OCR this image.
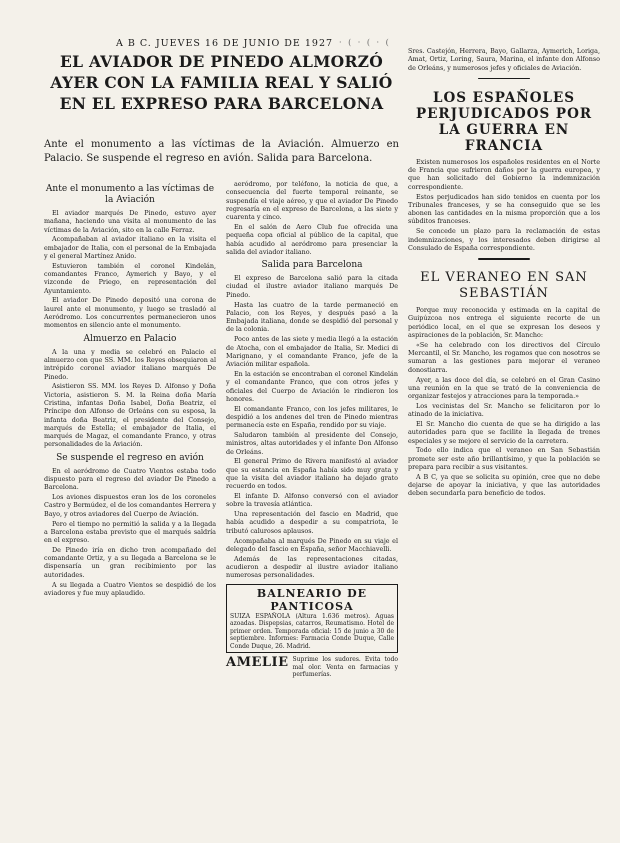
A B C. JUEVES 16 DE JUNIO DE 1927 · ( · ( · (
EL AVIADOR DE PINEDO ALMORZÓ AYER CON LA FAMILIA REAL Y SALIÓ EN EL EXPRESO PARA BARCELONA
Ante el monumento a las víctimas de la Aviación. Almuerzo en Palacio. Se suspende el regreso en avión. Salida para Barcelona.
Ante el monumento a las víctimas de la Aviación

El aviador marqués De Pinedo, estuvo ayer mañana, haciendo una visita al monumento de las víctimas de la Aviación, sito en la calle Ferraz.

Acompañaban al aviador italiano en la visita el embajador de Italia, con el personal de la Embajada y el general Martínez Anido.

Estuvieron también el coronel Kindelán, comandantes Franco, Aymerich y Bayo, y el vizconde de Priego, en representación del Ayuntamiento.

El aviador De Pinedo depositó una corona de laurel ante el monumento, y luego se trasladó al Aeródromo. Los concurrentes permanecieron unos momentos en silencio ante el monumento.

Almuerzo en Palacio

A la una y media se celebró en Palacio el almuerzo con que SS. MM. los Reyes obsequiaron al intrépido coronel aviador italiano marqués De Pinedo.

Asistieron SS. MM. los Reyes D. Alfonso y Doña Victoria, asistieron S. M. la Reina doña María Cristina, infantas Doña Isabel, Doña Beatriz, el Príncipe don Alfonso de Orleáns con su esposa, la infanta doña Beatriz, el presidente del Consejo, marqués de Estella; el embajador de Italia, el marqués de Magaz, el comandante Franco, y otras personalidades de la Aviación.

Se suspende el regreso en avión

En el aeródromo de Cuatro Vientos estaba todo dispuesto para el regreso del aviador De Pinedo a Barcelona.

Los aviones dispuestos eran los de los coroneles Castro y Bermúdez, el de los comandantes Herrera y Bayo, y otros aviadores del Cuerpo de Aviación.

Pero el tiempo no permitió la salida y a la llegada a Barcelona estaba previsto que el marqués saldría en el expreso.

De Pinedo iría en dicho tren acompañado del comandante Ortiz, y a su llegada a Barcelona se le dispensaría un gran recibimiento por las autoridades.

A su llegada a Cuatro Vientos se despidió de los aviadores y fue muy aplaudido.

aeródromo, por teléfono, la noticia de que, a consecuencia del fuerte temporal reinante, se suspendía el viaje aéreo, y que el aviador De Pinedo regresaría en el expreso de Barcelona, a las siete y cuarenta y cinco.

En el salón de Aero Club fue ofrecida una pequeña copa oficial al público de la capital, que había acudido al aeródromo para presenciar la salida del aviador italiano.

Salida para Barcelona

El expreso de Barcelona salió para la citada ciudad el ilustre aviador italiano marqués De Pinedo.

Hasta las cuatro de la tarde permaneció en Palacio, con los Reyes, y después pasó a la Embajada italiana, donde se despidió del personal y de la colonia.

Poco antes de las siete y media llegó a la estación de Atocha, con el embajador de Italia, Sr. Medici di Marignano, y el comandante Franco, jefe de la Aviación militar española.

En la estación se encontraban el coronel Kindelán y el comandante Franco, que con otros jefes y oficiales del Cuerpo de Aviación le rindieron los honores.

El comandante Franco, con los jefes militares, le despidió a los andenes del tren de Pinedo mientras permanecía este en España, rendido por su viaje.

Saludaron también al presidente del Consejo, ministros, altas autoridades y el infante Don Alfonso de Orleáns.

El general Primo de Rivera manifestó al aviador que su estancia en España había sido muy grata y que la visita del aviador italiano ha dejado grato recuerdo en todos.

El infante D. Alfonso conversó con el aviador sobre la travesía atlántica.

Una representación del fascio en Madrid, que había acudido a despedir a su compatriota, le tributó calurosos aplausos.

Acompañaba al marqués De Pinedo en su viaje el delegado del fascio en España, señor Macchiavelli.

Además de las representaciones citadas, acudieron a despedir al ilustre aviador italiano numerosas personalidades.

BALNEARIO DE PANTICOSA
SUIZA ESPAÑOLA (Altura 1.636 metros). Aguas azoadas. Dispepsias, catarros, Reumatismo. Hotel de primer orden. Temporada oficial: 15 de junio a 30 de septiembre. Informes: Farmacia Conde Duque, Calle Conde Duque, 26. Madrid.
AMELIE Suprime los sudores. Evita todo mal olor. Venta en farmacias y perfumerías.

Sres. Castejón, Herrera, Bayo, Gallarza, Aymerich, Loriga, Amat, Ortiz, Loring, Saura, Marina, el infante don Alfonso de Orleáns, y numerosos jefes y oficiales de Aviación.

LOS ESPAÑOLES PERJUDICADOS POR LA GUERRA EN FRANCIA

Existen numerosos los españoles residentes en el Norte de Francia que sufrieron daños por la guerra europea, y que han solicitado del Gobierno la indemnización correspondiente.

Estos perjudicados han sido tenidos en cuenta por los Tribunales franceses, y se ha conseguido que se les abonen las cantidades en la misma proporción que a los súbditos franceses.

Se concede un plazo para la reclamación de estas indemnizaciones, y los interesados deben dirigirse al Consulado de España correspondiente.

EL VERANEO EN SAN SEBASTIÁN

Porque muy reconocida y estimada en la capital de Guipúzcoa nos entrega el siguiente recorte de un periódico local, en el que se expresan los deseos y aspiraciones de la población, Sr. Mancho:

«Se ha celebrado con los directivos del Círculo Mercantil, el Sr. Mancho, les rogamos que con nosotros se sumaran a las gestiones para mejorar el veraneo donostiarra.

Ayer, a las doce del día, se celebró en el Gran Casino una reunión en la que se trató de la conveniencia de organizar festejos y atracciones para la temporada.»

Los vecinistas del Sr. Mancho se felicitaron por lo atinado de la iniciativa.

El Sr. Mancho dio cuenta de que se ha dirigido a las autoridades para que se facilite la llegada de trenes especiales y se mejore el servicio de la carretera.

Todo ello indica que el veraneo en San Sebastián promete ser este año brillantísimo, y que la población se prepara para recibir a sus visitantes.

A B C, ya que se solicita su opinión, cree que no debe dejarse de apoyar la iniciativa, y que las autoridades deben secundarla para beneficio de todos.
